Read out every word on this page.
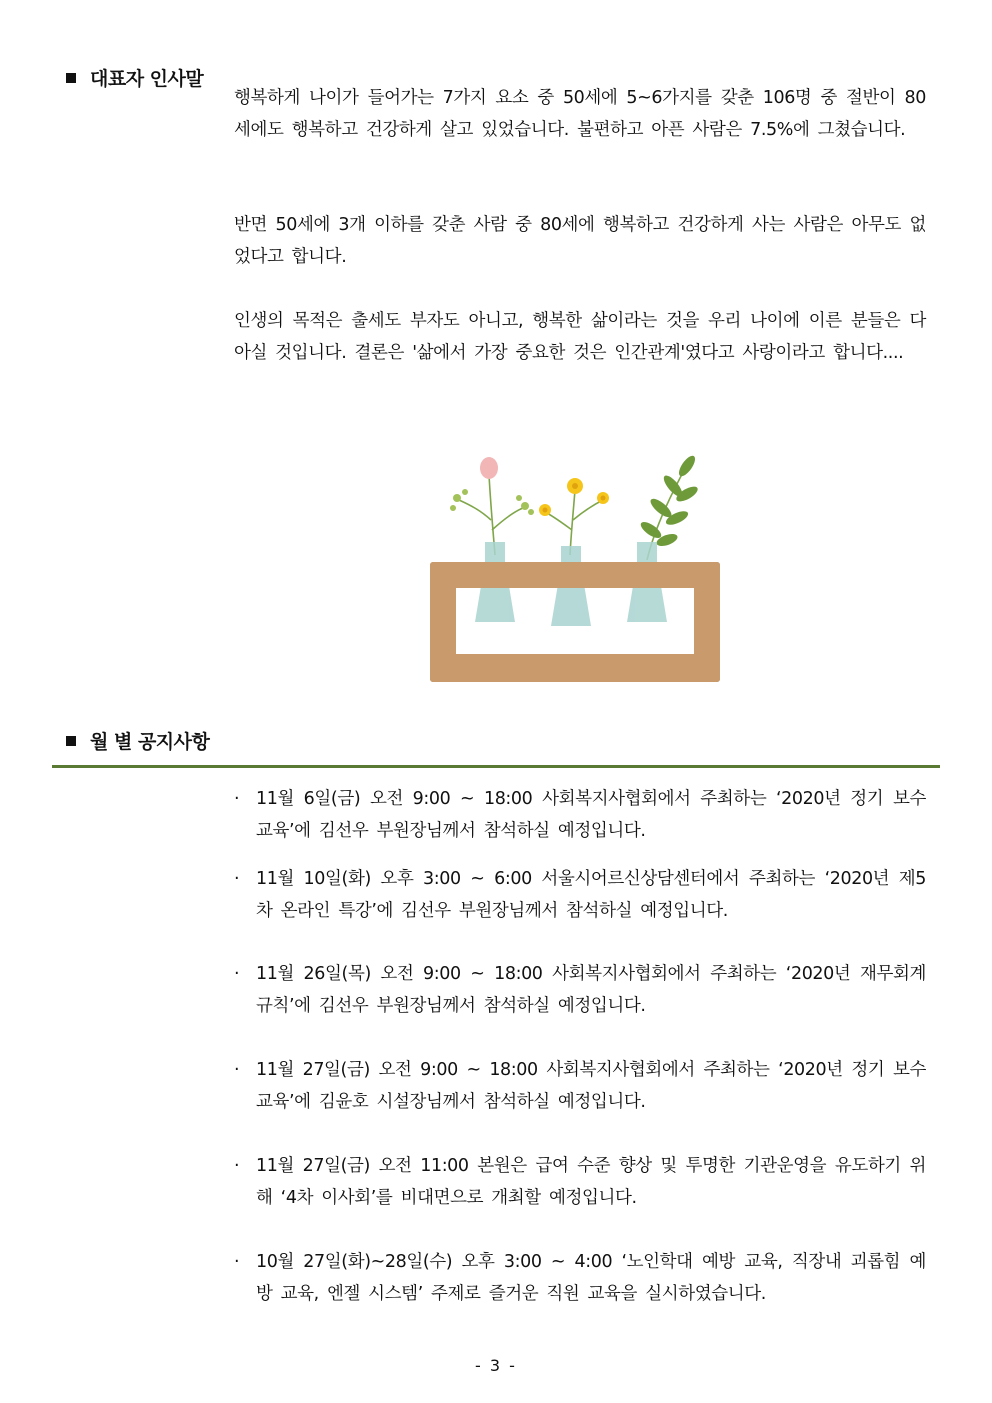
대표자 인사말

행복하게 나이가 들어가는 7가지 요소 중 50세에 5~6가지를 갖춘 106명 중 절반이 80세에도 행복하고 건강하게 살고 있었습니다. 불편하고 아픈 사람은 7.5%에 그쳤습니다.

반면 50세에 3개 이하를 갖춘 사람 중 80세에 행복하고 건강하게 사는 사람은 아무도 없었다고 합니다.

인생의 목적은 출세도 부자도 아니고, 행복한 삶이라는 것을 우리 나이에 이른 분들은 다 아실 것입니다. 결론은 '삶에서 가장 중요한 것은 인간관계'였다고 사랑이라고 합니다....

월 별 공지사항
· 11월 6일(금) 오전 9:00 ~ 18:00 사회복지사협회에서 주최하는 ‘2020년 정기 보수교육’에 김선우 부원장님께서 참석하실 예정입니다.
· 11월 10일(화) 오후 3:00 ~ 6:00 서울시어르신상담센터에서 주최하는 ‘2020년 제5차 온라인 특강’에 김선우 부원장님께서 참석하실 예정입니다.
· 11월 26일(목) 오전 9:00 ~ 18:00 사회복지사협회에서 주최하는 ‘2020년 재무회계 규칙’에 김선우 부원장님께서 참석하실 예정입니다.
· 11월 27일(금) 오전 9:00 ~ 18:00 사회복지사협회에서 주최하는 ‘2020년 정기 보수교육’에 김윤호 시설장님께서 참석하실 예정입니다.
· 11월 27일(금) 오전 11:00 본원은 급여 수준 향상 및 투명한 기관운영을 유도하기 위해 ‘4차 이사회’를 비대면으로 개최할 예정입니다.
· 10월 27일(화)~28일(수) 오후 3:00 ~ 4:00 ‘노인학대 예방 교육, 직장내 괴롭힘 예방 교육, 엔젤 시스템’ 주제로 즐거운 직원 교육을 실시하였습니다.
- 3 -
